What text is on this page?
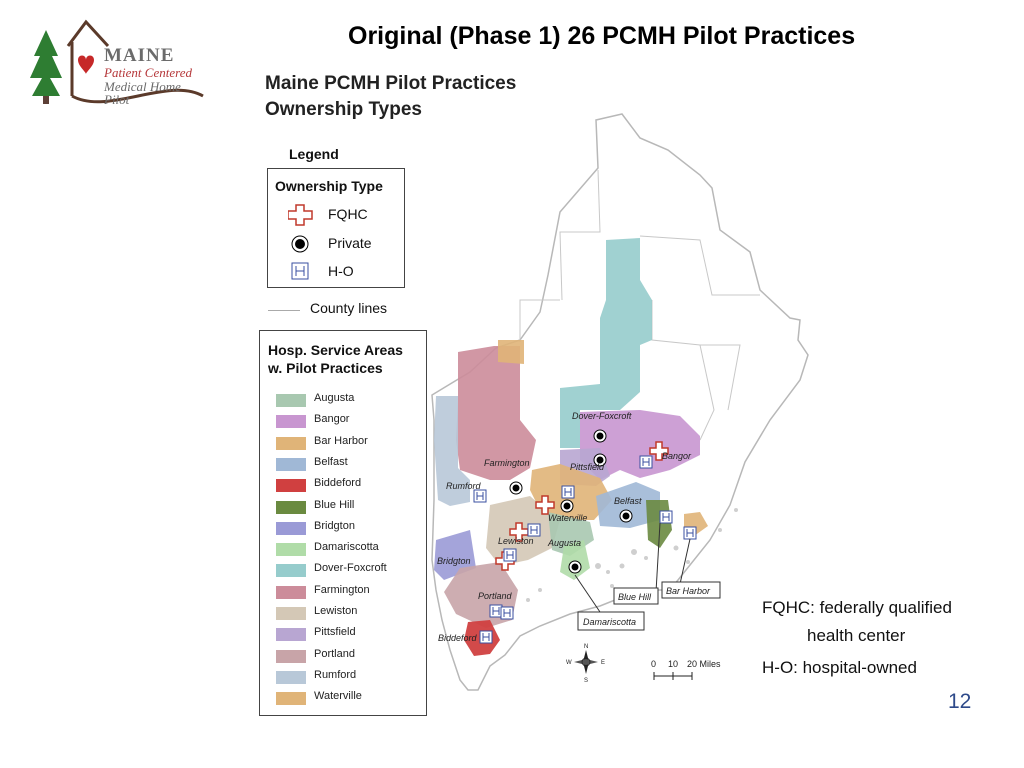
MAINE
Patient Centered
Medical Home Pilot
Original (Phase 1) 26 PCMH Pilot Practices
Maine PCMH Pilot Practices
Ownership Types
Dover-Foxcroft
Bangor
Farmington	Pittsfield
Rumford
Belfast
Waterville
Lewiston Augusta
Bridgton
Portland
Biddeford
Blue Hill
Bar Harbor
Damariscotta
N
S
E
W	0 10 20 Miles
Legend
Ownership Type
FQHC
Private
H-O
County lines
Hosp. Service Areas
w. Pilot Practices
Augusta
Bangor
Bar Harbor
Belfast
Biddeford
Blue Hill
Bridgton
Damariscotta
Dover-Foxcroft
Farmington
Lewiston
Pittsfield
Portland
Rumford
Waterville
FQHC: federally qualified
health center
H-O: hospital-owned
12
